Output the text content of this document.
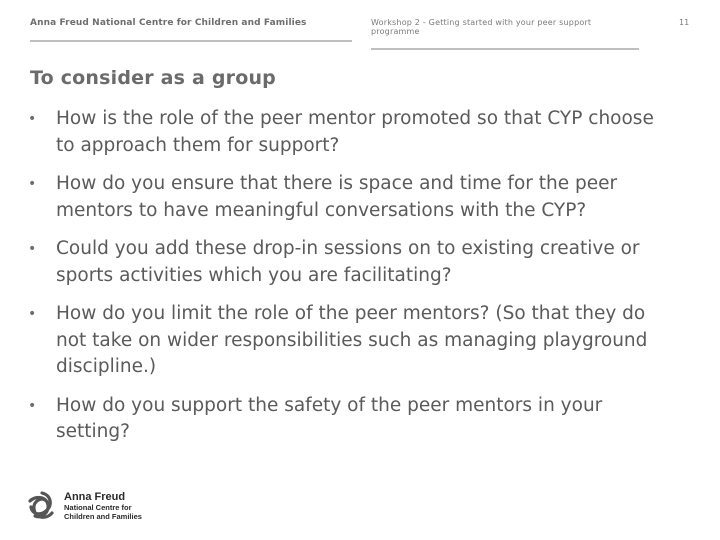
Anna Freud National Centre for Children and Families	Workshop 2 - Getting started with your peer support programme
11
To consider as a group
• How is the role of the peer mentor promoted so that CYP choose to approach them for support?
• How do you ensure that there is space and time for the peer mentors to have meaningful conversations with the CYP?
• Could you add these drop-in sessions on to existing creative or sports activities which you are facilitating?
• How do you limit the role of the peer mentors? (So that they do not take on wider responsibilities such as managing playground discipline.)
• How do you support the safety of the peer mentors in your setting?
Anna Freud
National Centre for
Children and Families
